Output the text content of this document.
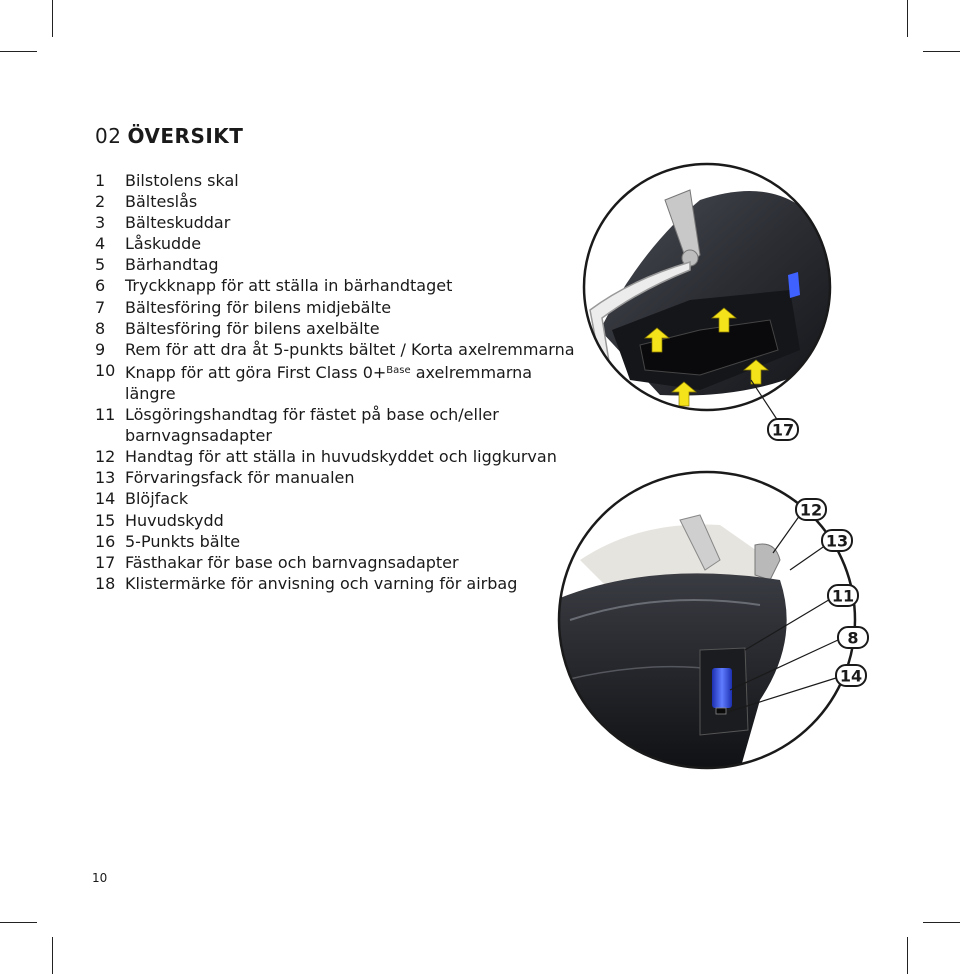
02 ÖVERSIKT
1	Bilstolens skal
2	Bälteslås
3	Bälteskuddar
4	Låskudde
5	Bärhandtag
6	Tryckknapp för att ställa in bärhandtaget
7	Bältesföring för bilens midjebälte
8	Bältesföring för bilens axelbälte
9	Rem för att dra åt 5-punkts bältet / Korta axelremmarna
10 Knapp för att göra First Class 0+$^{Base}$ axelremmarna längre
11 Lösgöringshandtag för fästet på base och/eller barnvagnsadapter
12 Handtag för att ställa in huvudskyddet och liggkurvan
13 Förvaringsfack för manualen
14 Blöjfack
15 Huvudskydd
16 5-Punkts bälte
17 Fästhakar för base och barnvagnsadapter
18 Klistermärke för anvisning och varning för airbag
17
12
13
11
8
14
10
